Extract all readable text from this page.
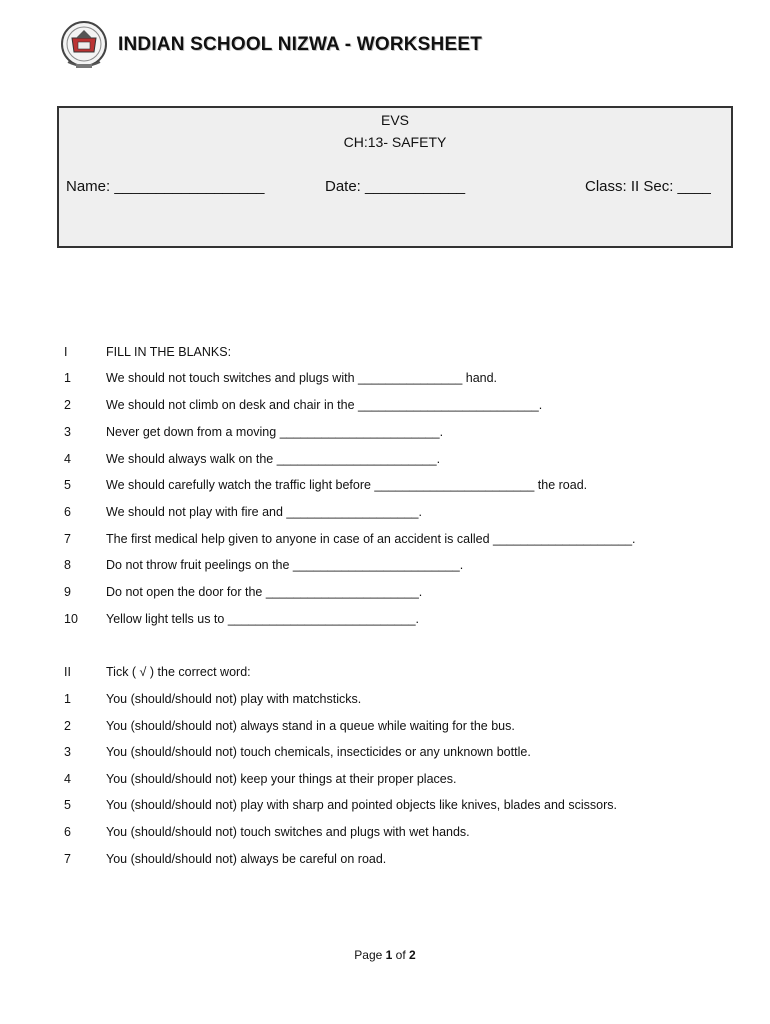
INDIAN SCHOOL NIZWA - WORKSHEET
EVS
CH:13- SAFETY
Name: __________________	Date: ____________	Class: II Sec: ____
I	FILL IN THE BLANKS:
1	We should not touch switches and plugs with _______________ hand.
2	We should not climb on desk and chair in the __________________________.
3	Never get down from a moving _______________________.
4	We should always walk on the _______________________.
5	We should carefully watch the traffic light before _______________________ the road.
6	We should not play with fire and ___________________.
7	The first medical help given to anyone in case of an accident is called ____________________.
8	Do not throw fruit peelings on the ________________________.
9	Do not open the door for the ______________________.
10 Yellow light tells us to ___________________________.
II	Tick ( √ ) the correct word:
1	You (should/should not) play with matchsticks.
2	You (should/should not) always stand in a queue while waiting for the bus.
3	You (should/should not) touch chemicals, insecticides or any unknown bottle.
4	You (should/should not) keep your things at their proper places.
5	You (should/should not) play with sharp and pointed objects like knives, blades and scissors.
6	You (should/should not) touch switches and plugs with wet hands.
7	You (should/should not) always be careful on road.
Page 1 of 2
